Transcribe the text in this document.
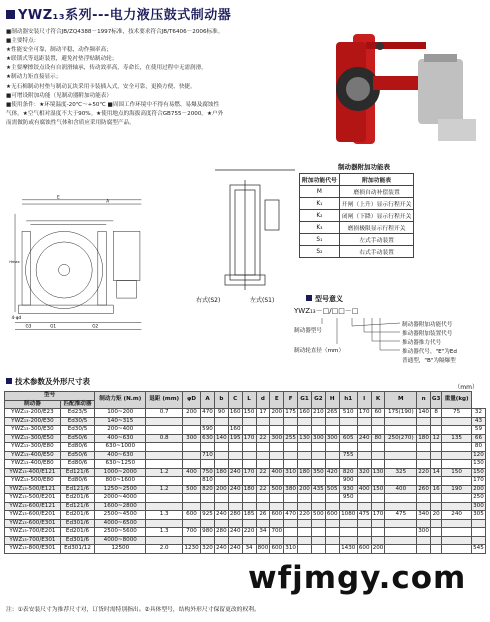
YWZ₁₃系列---电力液压鼓式制动器
■制动器安装尺寸符合JB/ZQ4388－1997标准，技术要求符合JB/T6406－2006标准。
■主要特点：
★性能安全可靠，制动平稳，动作频率高；
★联锁式等退距装置，避免衬垫浮贴制动轮；
★主要摩擦铰点设有自润滑轴承，传动效率高，寿命长，在使用过程中无需润滑。
★制动力矩直接显示；
★无石棉制动衬垫与制动瓦块采用卡装插入式，安全可靠，更换方便、快捷。
■可增设附加功能（见制动器附加功能表）
■使用条件：★环境温度-20℃～+50℃ ■周围工作环境中不得有易燃、易爆及腐蚀性
气体。★空气相对湿度不大于90%。★使用地点的海拔高度符合GB755－2000。★户外
而需做防或有腐蚀性气体和含质应采用防腐型产品。
E
A
Hmax
G3	G1	G2
4-φd
右式(S2)	左式(S1)
制动器附加功能表
附加功能代号	附加功能表
M	磨损自动补偿装置
K₁	开闸（上升）显示行程开关
K₂	闭闸（下降）显示行程开关
K₃	磨损极限显示行程开关
S₁	左式手动装置
S₂	右式手动装置
型号意义
YWZ₁₃－□/□□－□
制动器型号
制动轮直径（mm）
制动器附加功能代号
推动器附加装置代号
推动器推力代号
推动器代号，"E"为Ed
普通型，"B"为隔爆型
技术参数及外形尺寸表
（mm）
型号		制动力矩 (N.m)	退距 (mm)	φD	A	b	C	L	d	E	F	G1	G2	H	h1	I	K	M	n	G3	重量(kg)	
制动器	匹配推动器																					
YWZ₁₃-200/E23	Ed23/5	100~200	0.7	200	470	90	160	150	17	200	175	160	210	265	510	170	60	175(190)	140	8	75	32
YWZ₁₃-200/E30	Ed30/5	140~315																				43
YWZ₁₃-300/E30	Ed30/5	200~400			590		160															59
YWZ₁₃-300/E50	Ed50/6	400~630	0.8	300	630	140	195	170	22	300	255	130	300	300	605	240	80	250(270)	180	12	135	66
YWZ₁₃-300/E80	Ed80/6	630~1000																				80
YWZ₁₃-400/E50	Ed50/6	400~630			710										755							120
YWZ₁₃-400/E80	Ed80/6	630~1250																				130
YWZ₁₃-400/E121	Ed121/6	1000~2000	1.2	400	750	180	240	170	22	400	310	180	350	420	820	320	130	325	220	14	150	150
YWZ₁₃-500/E80	Ed80/6	800~1600			810										900							170
YWZ₁₃-500/E121	Ed121/6	1250~2500	1.2	500	820	200	240	180	22	500	380	200	435	505	930	400	150	400	260	16	190	200
YWZ₁₃-500/E201	Ed201/6	2000~4000													950							250
YWZ₁₃-600/E121	Ed121/6	1600~2800																				300
YWZ₁₃-600/E201	Ed201/6	2500~4500	1.3	600	925	240	280	185	26	600	470	220	500	600	1080	475	170	475	340	20	240	305
YWZ₁₃-600/E301	Ed301/6	4000~6500																				
YWZ₁₃-700/E201	Ed201/6	2500~5600	1.3	700	980	280	240	220	34	700									300			
YWZ₁₃-700/E301	Ed301/6	4000~8000																				
YWZ₁₃-800/E301	Ed301/12	12500	2.0	1230	320	240	240	34	800	600	310				1430	600	200					545
注：①表安装尺寸为推荐尺寸对，订货时需特别指出。②具体型号，结构外形尺寸保留更改的权利。
wfjmgy.com
